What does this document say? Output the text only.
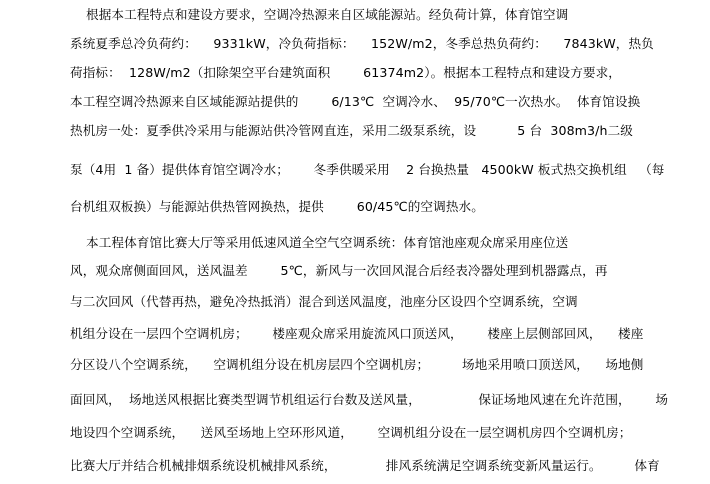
根据本工程特点和建设方要求，空调冷热源来自区域能源站。经负荷计算，体育馆空调
系统夏季总冷负荷约：    9331kW，冷负荷指标：    152W/m2，冬季总热负荷约：    7843kW，热负
荷指标：  128W/m2（扣除架空平台建筑面积        61374m2）。根据本工程特点和建设方要求，
本工程空调冷热源来自区域能源站提供的        6/13℃  空调冷水、  95/70℃一次热水。  体育馆设换
热机房一处：夏季供冷采用与能源站供冷管网直连，采用二级泵系统，设          5 台  308m3/h二级
泵（4用  1 备）提供体育馆空调冷水；      冬季供暖采用    2 台换热量   4500kW 板式热交换机组   （每
台机组双板换）与能源站供热管网换热，提供        60/45℃的空调热水。
本工程体育馆比赛大厅等采用低速风道全空气空调系统：体育馆池座观众席采用座位送
风，观众席侧面回风，送风温差        5℃，新风与一次回风混合后经表冷器处理到机器露点，再
与二次回风（代替再热，避免冷热抵消）混合到送风温度，池座分区设四个空调系统，空调
机组分设在一层四个空调机房；      楼座观众席采用旋流风口顶送风，      楼座上层侧部回风，    楼座
分区设八个空调系统，    空调机组分设在机房层四个空调机房；        场地采用喷口顶送风，    场地侧
面回风，  场地送风根据比赛类型调节机组运行台数及送风量，              保证场地风速在允许范围，      场
地设四个空调系统，    送风至场地上空环形风道，      空调机组分设在一层空调机房四个空调机房；
比赛大厅并结合机械排烟系统设机械排风系统，            排风系统满足空调系统变新风量运行。        体育
